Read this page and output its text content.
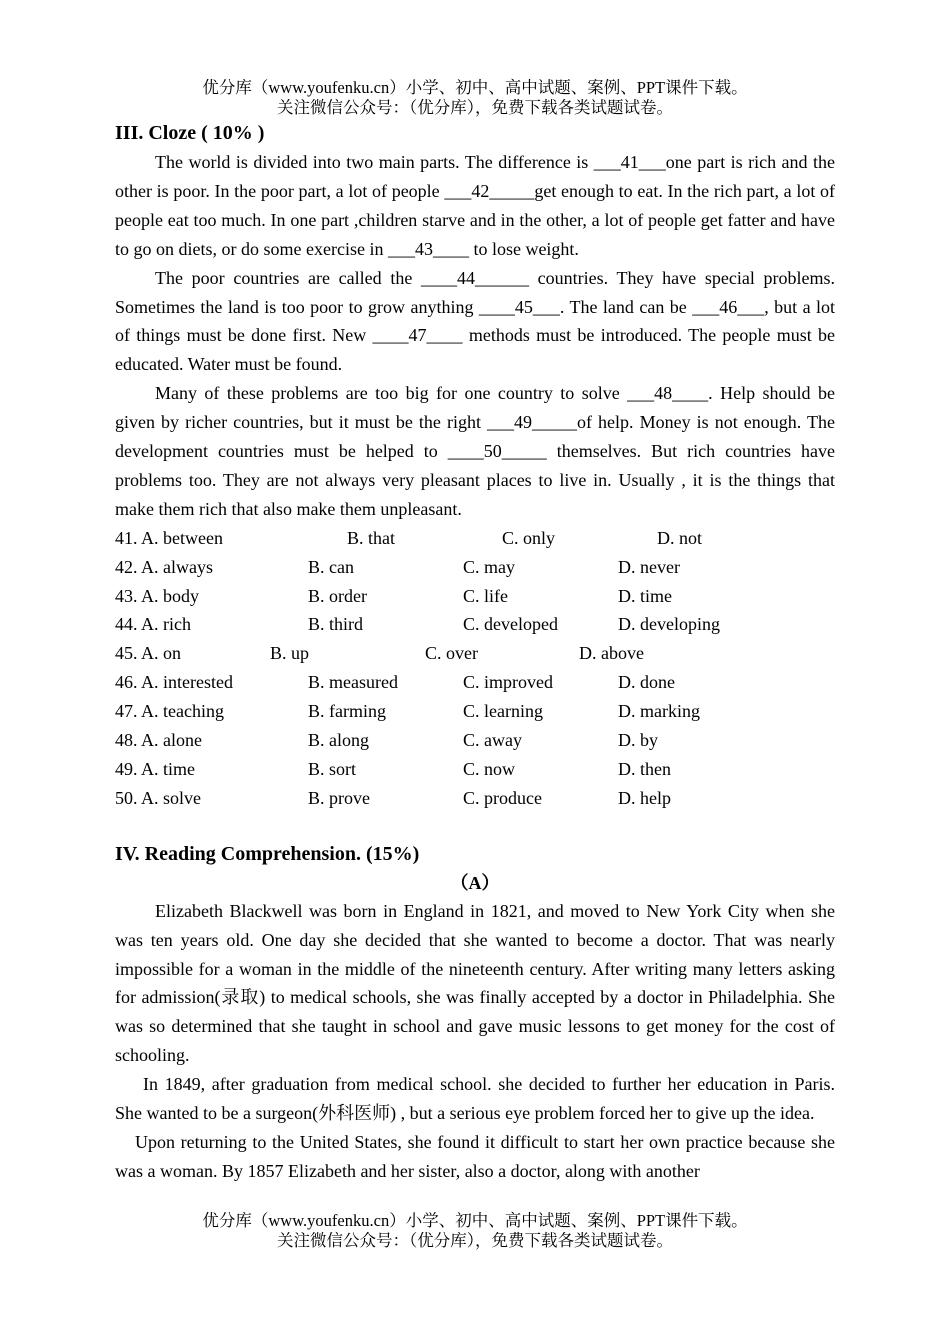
优分库（www.youfenku.cn）小学、初中、高中试题、案例、PPT课件下载。
关注微信公众号：（优分库），免费下载各类试题试卷。

III. Cloze ( 10% )

The world is divided into two main parts. The difference is ___41___one part is rich and the other is poor. In the poor part, a lot of people ___42_____get enough to eat. In the rich part, a lot of people eat too much. In one part ,children starve and in the other, a lot of people get fatter and have to go on diets, or do some exercise in ___43____ to lose weight.

The poor countries are called the ____44______ countries. They have special problems. Sometimes the land is too poor to grow anything ____45___. The land can be ___46___, but a lot of things must be done first. New ____47____ methods must be introduced. The people must be educated. Water must be found.

Many of these problems are too big for one country to solve ___48____. Help should be given by richer countries, but it must be the right ___49_____of help. Money is not enough. The development countries must be helped to ____50_____ themselves. But rich countries have problems too. They are not always very pleasant places to live in. Usually , it is the things that make them rich that also make them unpleasant.

41. A. between	B. that	C. only	D. not
42. A. always	B. can	C. may	D. never
43. A. body	B. order	C. life	D. time
44. A. rich	B. third	C. developed	D. developing
45. A. on	B. up	C. over	D. above
46. A. interested	B. measured	C. improved	D. done
47. A. teaching	B. farming	C. learning	D. marking
48. A. alone	B. along	C. away	D. by
49. A. time	B. sort	C. now	D. then
50. A. solve	B. prove	C. produce	D. help

IV. Reading Comprehension. (15%)

（A）

Elizabeth Blackwell was born in England in 1821, and moved to New York City when she was ten years old. One day she decided that she wanted to become a doctor. That was nearly impossible for a woman in the middle of the nineteenth century. After writing many letters asking for admission(录取) to medical schools, she was finally accepted by a doctor in Philadelphia. She was so determined that she taught in school and gave music lessons to get money for the cost of schooling.

In 1849, after graduation from medical school. she decided to further her education in Paris. She wanted to be a surgeon(外科医师) , but a serious eye problem forced her to give up the idea.

Upon returning to the United States, she found it difficult to start her own practice because she was a woman. By 1857 Elizabeth and her sister, also a doctor, along with another

优分库（www.youfenku.cn）小学、初中、高中试题、案例、PPT课件下载。
关注微信公众号：（优分库），免费下载各类试题试卷。
